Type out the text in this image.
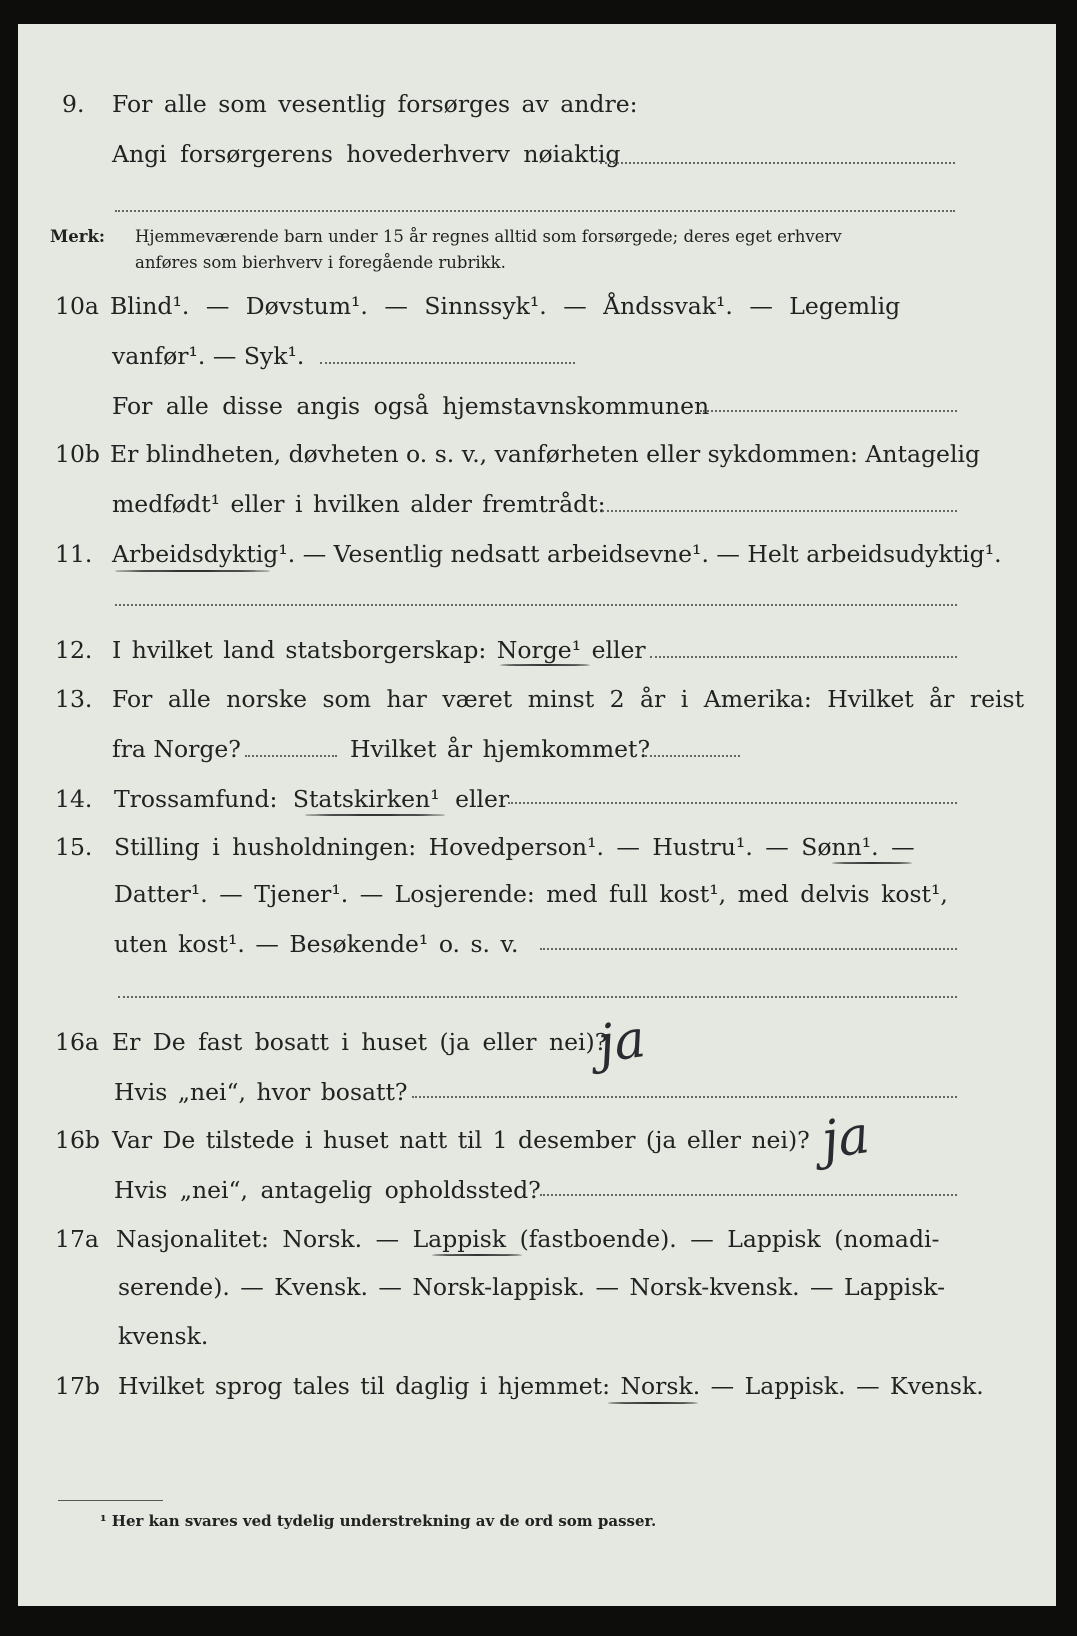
9. For alle som vesentlig forsørges av andre:
Angi forsørgerens hovederhverv nøiaktig
Merk: Hjemmeværende barn under 15 år regnes alltid som forsørgede; deres eget erhverv
anføres som bierhverv i foregående rubrikk.
10a Blind¹. — Døvstum¹. — Sinnssyk¹. — Åndssvak¹. — Legemlig
vanfør¹. — Syk¹.
For alle disse angis også hjemstavnskommunen
10b Er blindheten, døvheten o. s. v., vanførheten eller sykdommen: Antagelig
medfødt¹ eller i hvilken alder fremtrådt:
11. Arbeidsdyktig¹. — Vesentlig nedsatt arbeidsevne¹. — Helt arbeidsudyktig¹.
12. I hvilket land statsborgerskap: Norge¹ eller
13. For alle norske som har været minst 2 år i Amerika: Hvilket år reist
fra Norge?	Hvilket år hjemkommet?
14. Trossamfund: Statskirken¹ eller
15. Stilling i husholdningen: Hovedperson¹. — Hustru¹. — Sønn¹. —
Datter¹. — Tjener¹. — Losjerende: med full kost¹, med delvis kost¹,
uten kost¹. — Besøkende¹ o. s. v.
16a Er De fast bosatt i huset (ja eller nei)?
ja
Hvis „nei“, hvor bosatt?
16b Var De tilstede i huset natt til 1 desember (ja eller nei)? ja
Hvis „nei“, antagelig opholdssted?
17a Nasjonalitet: Norsk. — Lappisk (fastboende). — Lappisk (nomadi-
serende). — Kvensk. — Norsk-lappisk. — Norsk-kvensk. — Lappisk-
kvensk.
17b Hvilket sprog tales til daglig i hjemmet: Norsk. — Lappisk. — Kvensk.
¹ Her kan svares ved tydelig understrekning av de ord som passer.
